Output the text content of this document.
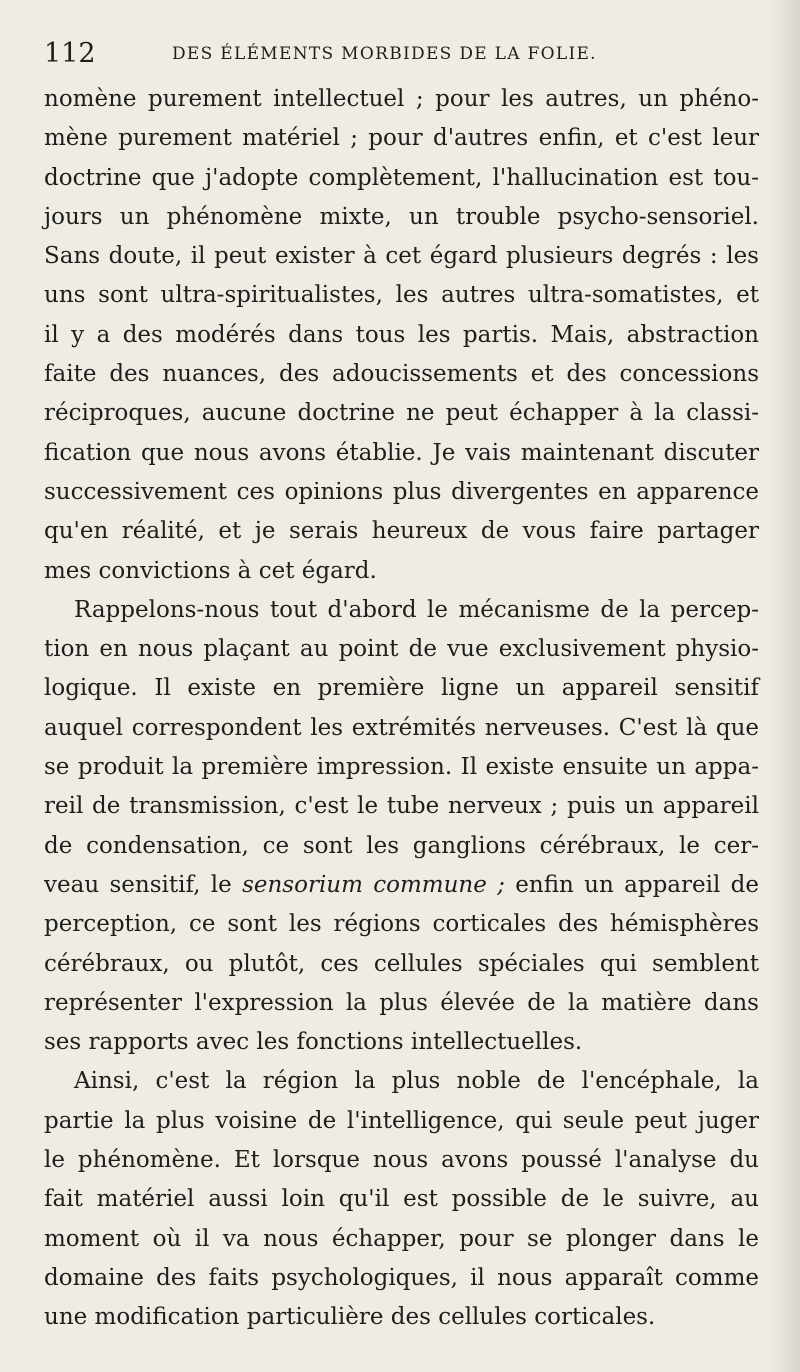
112	DES ÉLÉMENTS MORBIDES DE LA FOLIE.
nomène purement intellectuel ; pour les autres, un phéno-
mène purement matériel ; pour d'autres enfin, et c'est leur
doctrine que j'adopte complètement, l'hallucination est tou-
jours un phénomène mixte, un trouble psycho-sensoriel.
Sans doute, il peut exister à cet égard plusieurs degrés : les
uns sont ultra-spiritualistes, les autres ultra-somatistes, et
il y a des modérés dans tous les partis. Mais, abstraction
faite des nuances, des adoucissements et des concessions
réciproques, aucune doctrine ne peut échapper à la classi-
fication que nous avons établie. Je vais maintenant discuter
successivement ces opinions plus divergentes en apparence
qu'en réalité, et je serais heureux de vous faire partager
mes convictions à cet égard.
Rappelons-nous tout d'abord le mécanisme de la percep-
tion en nous plaçant au point de vue exclusivement physio-
logique. Il existe en première ligne un appareil sensitif
auquel correspondent les extrémités nerveuses. C'est là que
se produit la première impression. Il existe ensuite un appa-
reil de transmission, c'est le tube nerveux ; puis un appareil
de condensation, ce sont les ganglions cérébraux, le cer-
veau sensitif, le sensorium commune ; enfin un appareil de
perception, ce sont les régions corticales des hémisphères
cérébraux, ou plutôt, ces cellules spéciales qui semblent
représenter l'expression la plus élevée de la matière dans
ses rapports avec les fonctions intellectuelles.
Ainsi, c'est la région la plus noble de l'encéphale, la
partie la plus voisine de l'intelligence, qui seule peut juger
le phénomène. Et lorsque nous avons poussé l'analyse du
fait matériel aussi loin qu'il est possible de le suivre, au
moment où il va nous échapper, pour se plonger dans le
domaine des faits psychologiques, il nous apparaît comme
une modification particulière des cellules corticales.
